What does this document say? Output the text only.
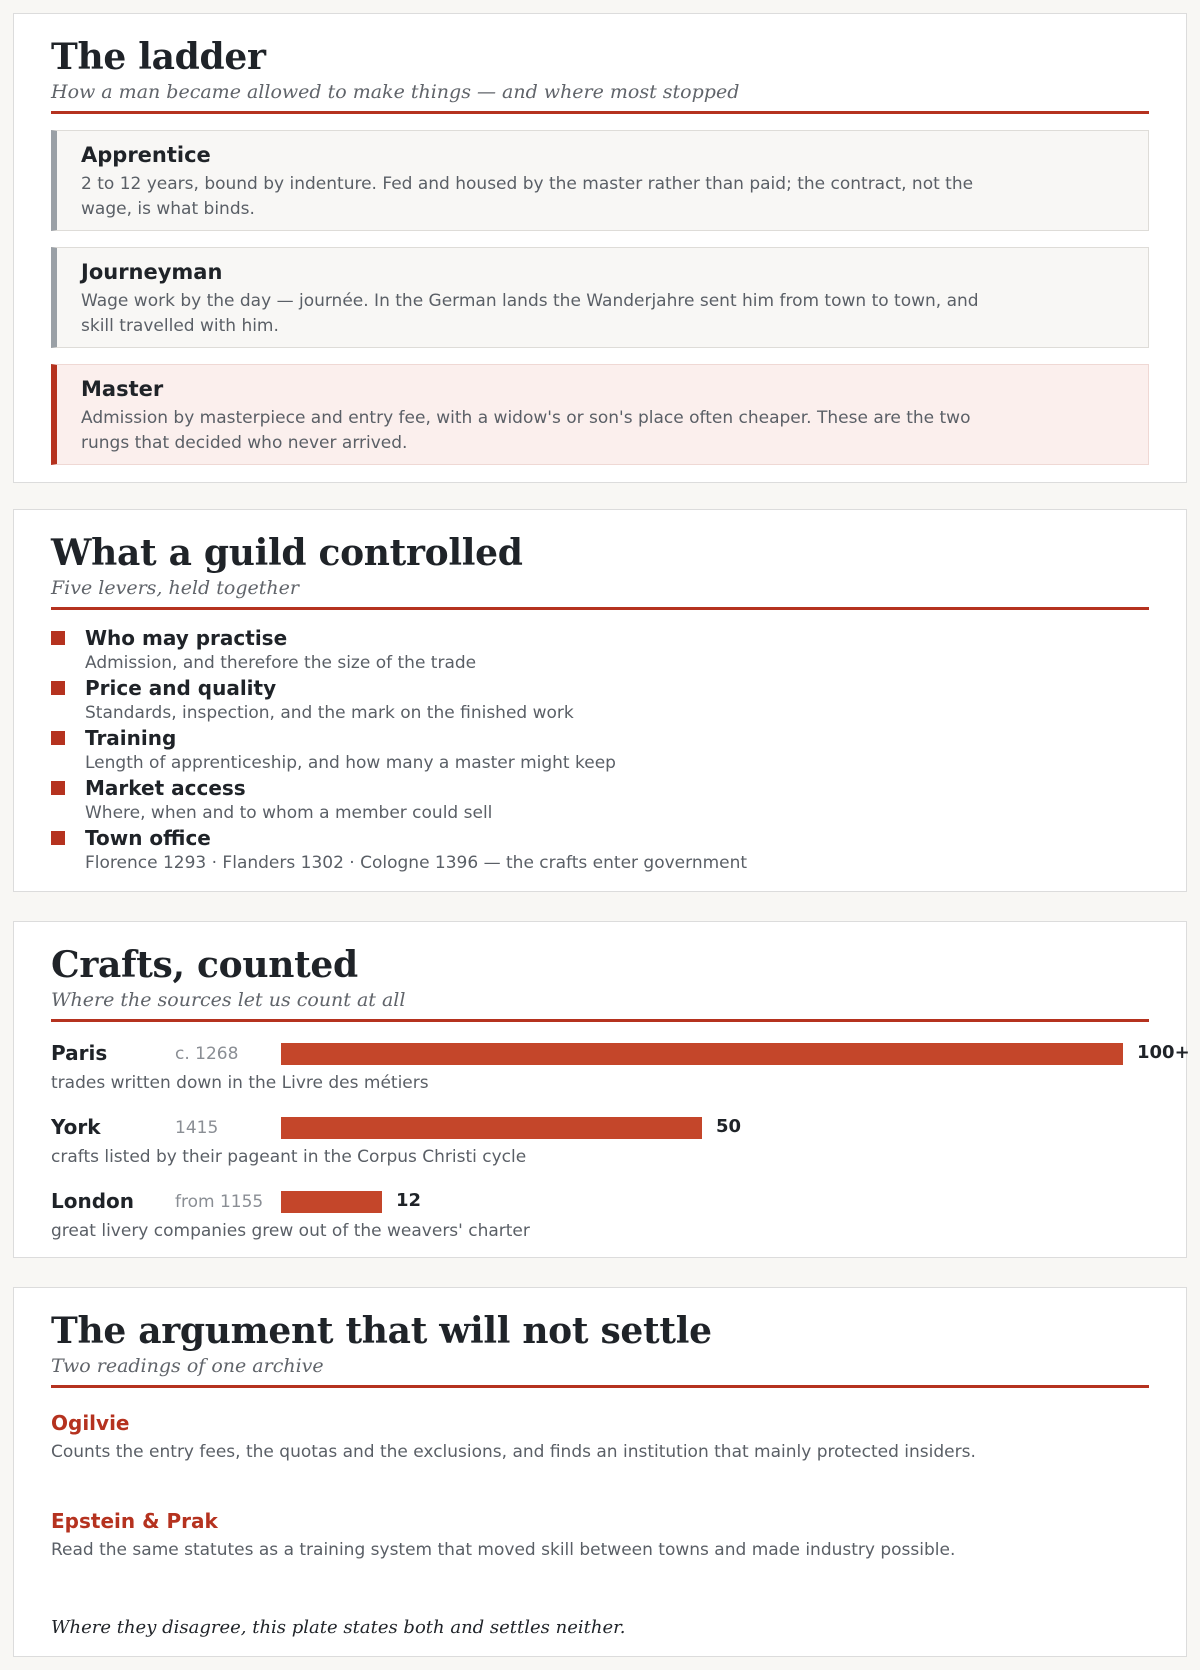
The ladder
How a man became allowed to make things — and where most stopped
Apprentice
2 to 12 years, bound by indenture. Fed and housed by the master rather than paid; the contract, not the wage, is what binds.
Journeyman
Wage work by the day — journée. In the German lands the Wanderjahre sent him from town to town, and skill travelled with him.
Master
Admission by masterpiece and entry fee, with a widow's or son's place often cheaper. These are the two rungs that decided who never arrived.
What a guild controlled
Five levers, held together
Who may practise
Admission, and therefore the size of the trade
Price and quality
Standards, inspection, and the mark on the finished work
Training
Length of apprenticeship, and how many a master might keep
Market access
Where, when and to whom a member could sell
Town office
Florence 1293 · Flanders 1302 · Cologne 1396 — the crafts enter government
Crafts, counted
Where the sources let us count at all
Paris	c. 1268	100+
trades written down in the Livre des métiers
York	1415	50
crafts listed by their pageant in the Corpus Christi cycle
London from 1155	12
great livery companies grew out of the weavers' charter
The argument that will not settle
Two readings of one archive
Ogilvie
Counts the entry fees, the quotas and the exclusions, and finds an institution that mainly protected insiders.
Epstein & Prak
Read the same statutes as a training system that moved skill between towns and made industry possible.
Where they disagree, this plate states both and settles neither.
